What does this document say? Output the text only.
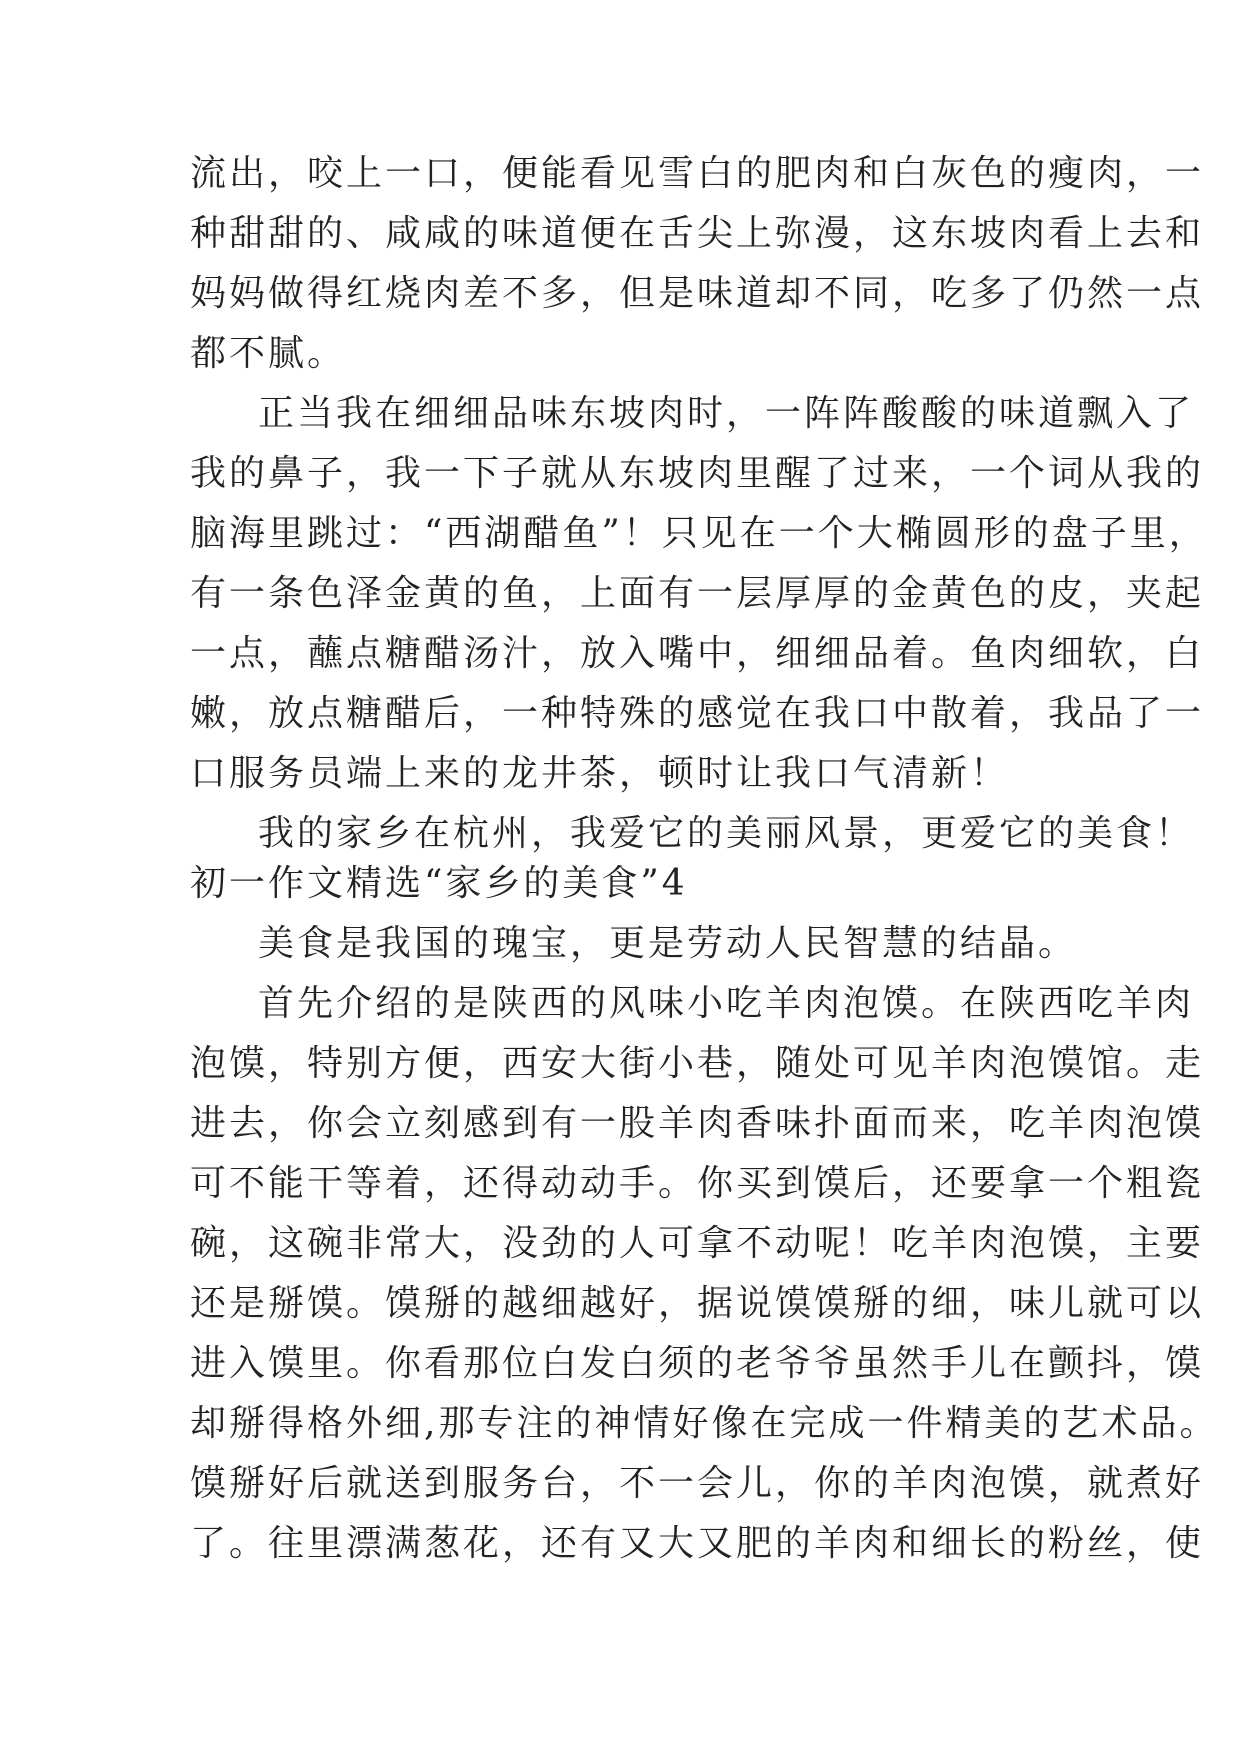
流出，咬上一口，便能看见雪白的肥肉和白灰色的瘦肉，一
种甜甜的、咸咸的味道便在舌尖上弥漫，这东坡肉看上去和
妈妈做得红烧肉差不多，但是味道却不同，吃多了仍然一点
都不腻。
正当我在细细品味东坡肉时，一阵阵酸酸的味道飘入了
我的鼻子，我一下子就从东坡肉里醒了过来，一个词从我的
脑海里跳过：“西湖醋鱼”！只见在一个大椭圆形的盘子里，
有一条色泽金黄的鱼，上面有一层厚厚的金黄色的皮，夹起
一点，蘸点糖醋汤汁，放入嘴中，细细品着。鱼肉细软，白
嫩，放点糖醋后，一种特殊的感觉在我口中散着，我品了一
口服务员端上来的龙井茶，顿时让我口气清新！
我的家乡在杭州，我爱它的美丽风景，更爱它的美食！
初一作文精选“家乡的美食”4
美食是我国的瑰宝，更是劳动人民智慧的结晶。
首先介绍的是陕西的风味小吃羊肉泡馍。在陕西吃羊肉
泡馍，特别方便，西安大街小巷，随处可见羊肉泡馍馆。走
进去，你会立刻感到有一股羊肉香味扑面而来，吃羊肉泡馍
可不能干等着，还得动动手。你买到馍后，还要拿一个粗瓷
碗，这碗非常大，没劲的人可拿不动呢！吃羊肉泡馍，主要
还是掰馍。馍掰的越细越好，据说馍馍掰的细，味儿就可以
进入馍里。你看那位白发白须的老爷爷虽然手儿在颤抖，馍
却掰得格外细,那专注的神情好像在完成一件精美的艺术品。
馍掰好后就送到服务台，不一会儿，你的羊肉泡馍，就煮好
了。往里漂满葱花，还有又大又肥的羊肉和细长的粉丝，使
